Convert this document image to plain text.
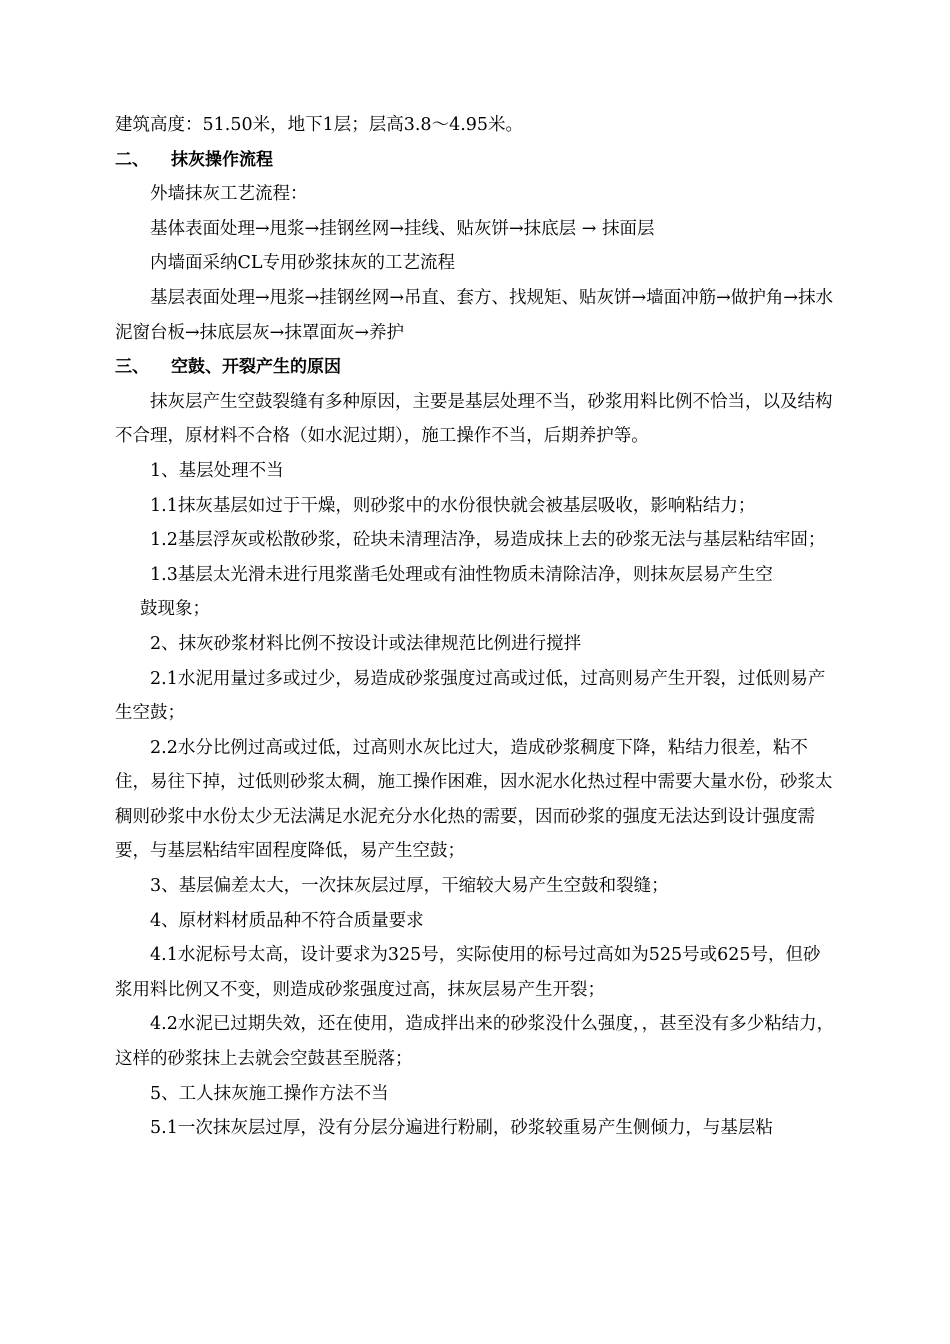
建筑高度：51.50米，地下1层；层高3.8～4.95米。

二、	抹灰操作流程

外墙抹灰工艺流程：

基体表面处理→甩浆→挂钢丝网→挂线、贴灰饼→抹底层 → 抹面层

内墙面采纳CL专用砂浆抹灰的工艺流程

基层表面处理→甩浆→挂钢丝网→吊直、套方、找规矩、贴灰饼→墙面冲筋→做护角→抹水泥窗台板→抹底层灰→抹罩面灰→养护

三、	空鼓、开裂产生的原因

抹灰层产生空鼓裂缝有多种原因，主要是基层处理不当，砂浆用料比例不恰当，以及结构不合理，原材料不合格（如水泥过期），施工操作不当，后期养护等。

1、基层处理不当

1.1抹灰基层如过于干燥，则砂浆中的水份很快就会被基层吸收，影响粘结力；

1.2基层浮灰或松散砂浆，砼块未清理洁净，易造成抹上去的砂浆无法与基层粘结牢固；

1.3基层太光滑未进行甩浆凿毛处理或有油性物质未清除洁净，则抹灰层易产生空
鼓现象；

2、抹灰砂浆材料比例不按设计或法律规范比例进行搅拌

2.1水泥用量过多或过少，易造成砂浆强度过高或过低，过高则易产生开裂，过低则易产生空鼓；

2.2水分比例过高或过低，过高则水灰比过大，造成砂浆稠度下降，粘结力很差，粘不住，易往下掉，过低则砂浆太稠，施工操作困难，因水泥水化热过程中需要大量水份，砂浆太稠则砂浆中水份太少无法满足水泥充分水化热的需要，因而砂浆的强度无法达到设计强度需要，与基层粘结牢固程度降低，易产生空鼓；

3、基层偏差太大，一次抹灰层过厚，干缩较大易产生空鼓和裂缝；

4、原材料材质品种不符合质量要求

4.1水泥标号太高，设计要求为325号，实际使用的标号过高如为525号或625号，但砂浆用料比例又不变，则造成砂浆强度过高，抹灰层易产生开裂；

4.2水泥已过期失效，还在使用，造成拌出来的砂浆没什么强度，，甚至没有多少粘结力，这样的砂浆抹上去就会空鼓甚至脱落；

5、工人抹灰施工操作方法不当

5.1一次抹灰层过厚，没有分层分遍进行粉刷，砂浆较重易产生侧倾力，与基层粘
